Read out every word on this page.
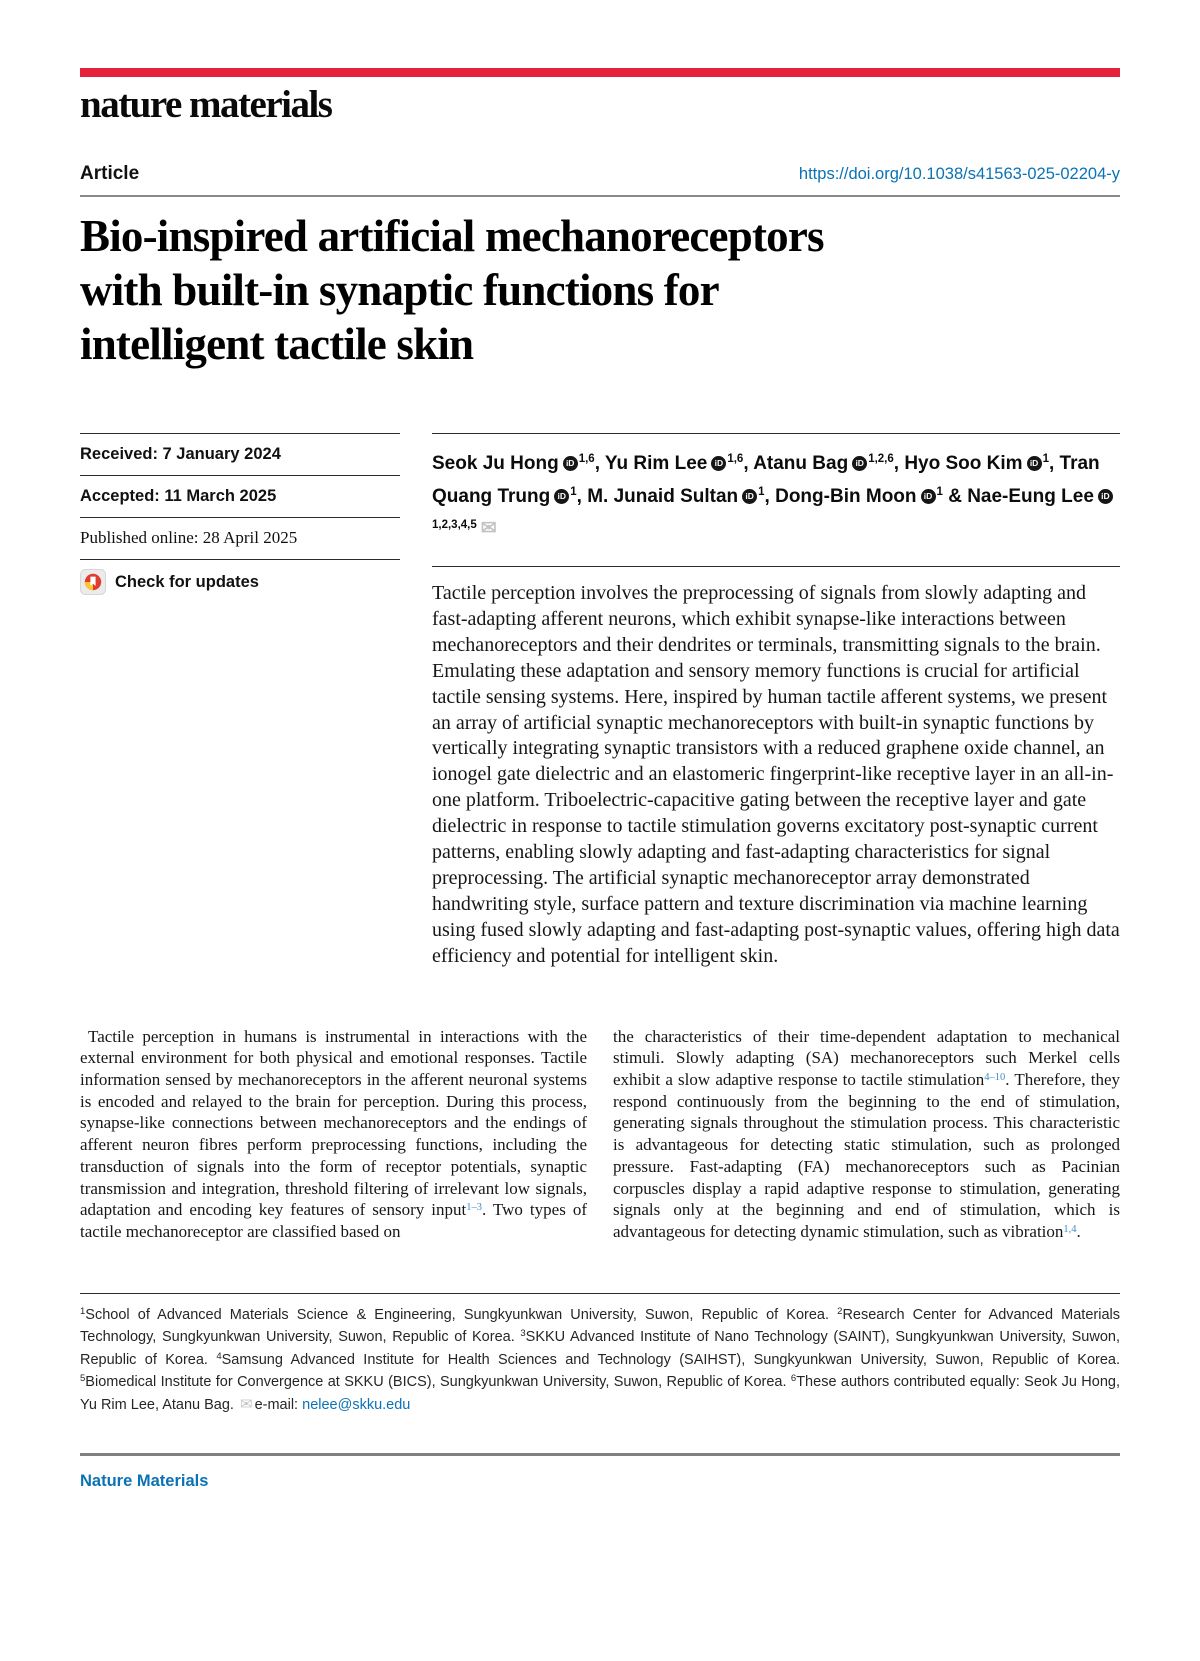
nature materials
Article	https://doi.org/10.1038/s41563-025-02204-y
Bio-inspired artificial mechanoreceptors
with built-in synaptic functions for
intelligent tactile skin
Received: 7 January 2024
Accepted: 11 March 2025
Published online: 28 April 2025
Check for updates
Seok Ju Hong iD $^{1,6}$, Yu Rim Lee iD $^{1,6}$, Atanu Bag iD $^{1,2,6}$, Hyo Soo Kim iD $^1$, Tran Quang Trung iD $^1$, M. Junaid Sultan iD $^1$, Dong-Bin Moon iD $^1$ & Nae-Eung Lee iD$^{1,2,3,4,5}$ ✉
Tactile perception involves the preprocessing of signals from slowly adapting and fast-adapting afferent neurons, which exhibit synapse-like interactions between mechanoreceptors and their dendrites or terminals, transmitting signals to the brain. Emulating these adaptation and sensory memory functions is crucial for artificial tactile sensing systems. Here, inspired by human tactile afferent systems, we present an array of artificial synaptic mechanoreceptors with built-in synaptic functions by vertically integrating synaptic transistors with a reduced graphene oxide channel, an ionogel gate dielectric and an elastomeric fingerprint-like receptive layer in an all-in-one platform. Triboelectric-capacitive gating between the receptive layer and gate dielectric in response to tactile stimulation governs excitatory post-synaptic current patterns, enabling slowly adapting and fast-adapting characteristics for signal preprocessing. The artificial synaptic mechanoreceptor array demonstrated handwriting style, surface pattern and texture discrimination via machine learning using fused slowly adapting and fast-adapting post-synaptic values, offering high data efficiency and potential for intelligent skin.
Tactile perception in humans is instrumental in interactions with the external environment for both physical and emotional responses. Tactile information sensed by mechanoreceptors in the afferent neuronal systems is encoded and relayed to the brain for perception. During this process, synapse-like connections between mechanoreceptors and the endings of afferent neuron fibres perform preprocessing functions, including the transduction of signals into the form of receptor potentials, synaptic transmission and integration, threshold filtering of irrelevant low signals, adaptation and encoding key features of sensory input$^{1-3}$. Two types of tactile mechanoreceptor are classified based on
the characteristics of their time-dependent adaptation to mechanical stimuli. Slowly adapting (SA) mechanoreceptors such Merkel cells exhibit a slow adaptive response to tactile stimulation$^{4-10}$. Therefore, they respond continuously from the beginning to the end of stimulation, generating signals throughout the stimulation process. This characteristic is advantageous for detecting static stimulation, such as prolonged pressure. Fast-adapting (FA) mechanoreceptors such as Pacinian corpuscles display a rapid adaptive response to stimulation, generating signals only at the beginning and end of stimulation, which is advantageous for detecting dynamic stimulation, such as vibration$^{1,4}$.
$^1$School of Advanced Materials Science & Engineering, Sungkyunkwan University, Suwon, Republic of Korea. $^2$Research Center for Advanced Materials Technology, Sungkyunkwan University, Suwon, Republic of Korea. $^3$SKKU Advanced Institute of Nano Technology (SAINT), Sungkyunkwan University, Suwon, Republic of Korea. $^4$Samsung Advanced Institute for Health Sciences and Technology (SAIHST), Sungkyunkwan University, Suwon, Republic of Korea. $^5$Biomedical Institute for Convergence at SKKU (BICS), Sungkyunkwan University, Suwon, Republic of Korea. $^6$These authors contributed equally: Seok Ju Hong, Yu Rim Lee, Atanu Bag. ✉ e-mail: nelee@skku.edu
Nature Materials
